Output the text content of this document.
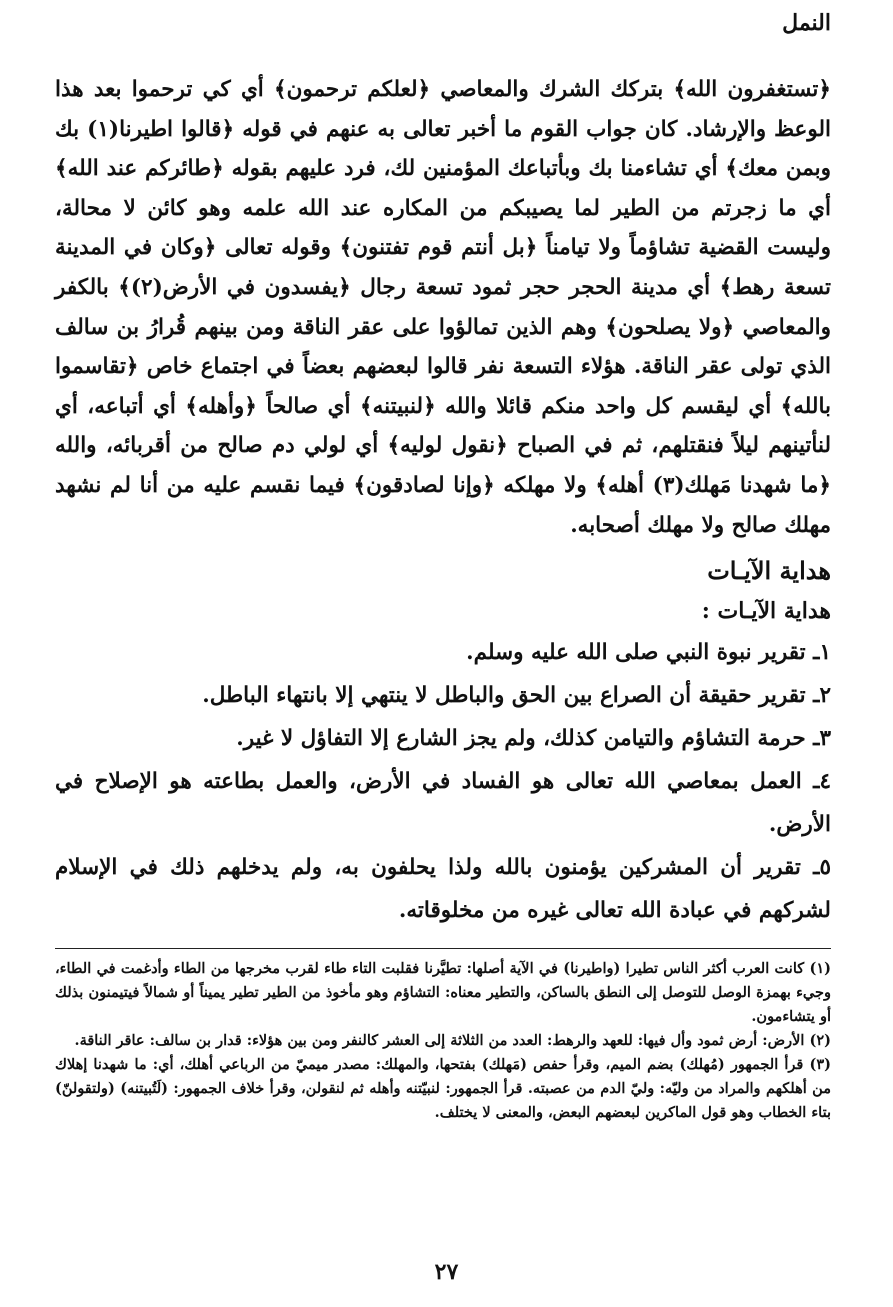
النمل

﴿تستغفرون الله﴾ بتركك الشرك والمعاصي ﴿لعلكم ترحمون﴾ أي كي ترحموا بعد هذا الوعظ والإرشاد. كان جواب القوم ما أخبر تعالى به عنهم في قوله ﴿قالوا اطيرنا(١) بك وبمن معك﴾ أي تشاءمنا بك وبأتباعك المؤمنين لك، فرد عليهم بقوله ﴿طائركم عند الله﴾ أي ما زجرتم من الطير لما يصيبكم من المكاره عند الله علمه وهو كائن لا محالة، وليست القضية تشاؤماً ولا تيامناً ﴿بل أنتم قوم تفتنون﴾ وقوله تعالى ﴿وكان في المدينة تسعة رهط﴾ أي مدينة الحجر حجر ثمود تسعة رجال ﴿يفسدون في الأرض(٢)﴾ بالكفر والمعاصي ﴿ولا يصلحون﴾ وهم الذين تمالؤوا على عقر الناقة ومن بينهم قُرارُ بن سالف الذي تولى عقر الناقة. هؤلاء التسعة نفر قالوا لبعضهم بعضاً في اجتماع خاص ﴿تقاسموا بالله﴾ أي ليقسم كل واحد منكم قائلا والله ﴿لنبيتنه﴾ أي صالحاً ﴿وأهله﴾ أي أتباعه، أي لنأتينهم ليلاً فنقتلهم، ثم في الصباح ﴿نقول لوليه﴾ أي لولي دم صالح من أقربائه، والله ﴿ما شهدنا مَهلك(٣) أهله﴾ ولا مهلكه ﴿وإنا لصادقون﴾ فيما نقسم عليه من أنا لم نشهد مهلك صالح ولا مهلك أصحابه.

هداية الآيـات
هداية الآيـات :
١ـ تقرير نبوة النبي صلى الله عليه وسلم.
٢ـ تقرير حقيقة أن الصراع بين الحق والباطل لا ينتهي إلا بانتهاء الباطل.
٣ـ حرمة التشاؤم والتيامن كذلك، ولم يجز الشارع إلا التفاؤل لا غير.
٤ـ العمل بمعاصي الله تعالى هو الفساد في الأرض، والعمل بطاعته هو الإصلاح في الأرض.
٥ـ تقرير أن المشركين يؤمنون بالله ولذا يحلفون به، ولم يدخلهم ذلك في الإسلام لشركهم في عبادة الله تعالى غيره من مخلوقاته.
(١) كانت العرب أكثر الناس تطيرا (واطيرنا) في الآية أصلها: تطيَّرنا فقلبت التاء طاء لقرب مخرجها من الطاء وأدغمت في الطاء، وجيء بهمزة الوصل للتوصل إلى النطق بالساكن، والتطير معناه: التشاؤم وهو مأخوذ من الطير تطير يميناً أو شمالاً فيتيمنون بذلك أو يتشاءمون.
(٢) الأرض: أرض ثمود وأل فيها: للعهد والرهط: العدد من الثلاثة إلى العشر كالنفر ومن بين هؤلاء: قدار بن سالف: عاقر الناقة.
(٣) قرأ الجمهور (مُهلك) بضم الميم، وقرأ حفص (مَهلك) بفتحها، والمهلك: مصدر ميميّ من الرباعي أهلك، أي: ما شهدنا إهلاك من أهلكهم والمراد من وليّه: وليّ الدم من عصبته. قرأ الجمهور: لنبيّتنه وأهله ثم لنقولن، وقرأ خلاف الجمهور: (لَتُبيتنه) (ولتقولنّ) بتاء الخطاب وهو قول الماكرين لبعضهم البعض، والمعنى لا يختلف.
٢٧
